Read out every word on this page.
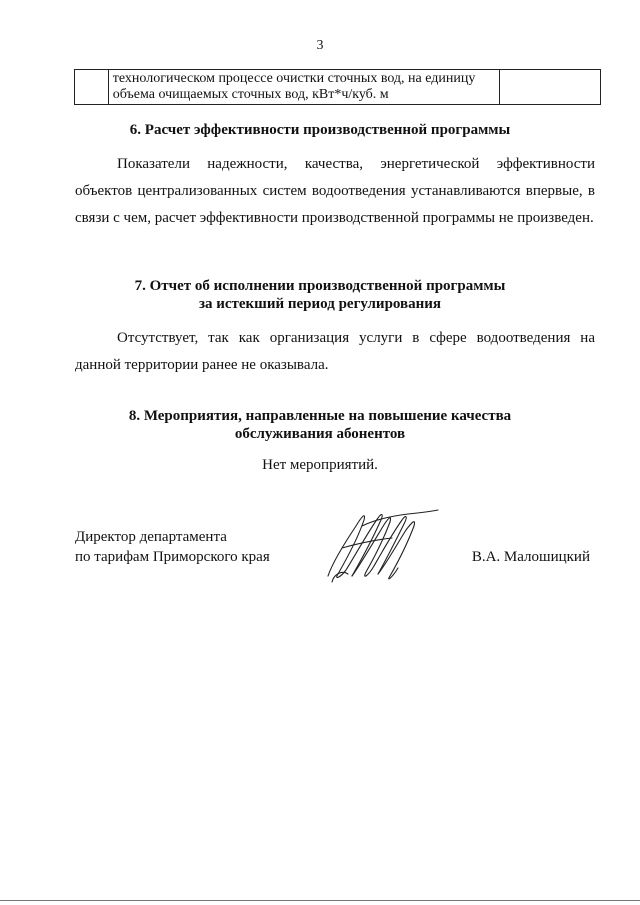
3

технологическом процессе очистки сточных вод, на единицу
объема очищаемых сточных вод, кВт*ч/куб. м

6. Расчет эффективности производственной программы
Показатели надежности, качества, энергетической эффективности объектов централизованных систем водоотведения устанавливаются впервые, в связи с чем, расчет эффективности производственной программы не произведен.
7. Отчет об исполнении производственной программы
за истекший период регулирования
Отсутствует, так как организация услуги в сфере водоотведения на данной территории ранее не оказывала.
8. Мероприятия, направленные на повышение качества
обслуживания абонентов
Нет мероприятий.
Директор департамента
по тарифам Приморского края	В.А. Малошицкий
